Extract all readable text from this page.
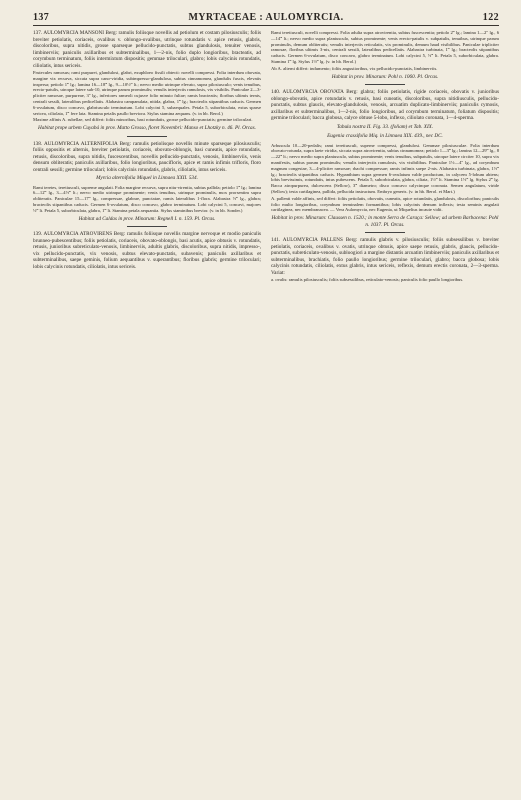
137	MYRTACEAE : AULOMYRCIA.	122

137. AULOMYRCIA MANSONI Berg: ramulis foliisque novellis ad petiolum et costam pilosiusculis; foliis breviter petiolatis, coriaceis, ovalibus v. oblongo-ovalibus, utrinque rotundatis v. apice retusis, glabris, discoloribus, supra nitidis, grosse sparseque pellucido-punctatis, subtus glandulosis, tenuiter venosis, limbinerviis; paniculis axillaribus et subterminalibus, 1—2-nis, folio duplo longioribus, bracteatis, ad corymbum terminatum, foliis intermixtum dispositis; gemmae triloculari, glabro; lobis calycinis rotundatis, ciliolatis, intus sericeis.

Frutecules ramosus; rami purpurei, glandulosi, glabri, exuphloeo fissili obtecti: novelli compressi. Folia interdum obovata, margine vix recurva, siccata supra cano-viridia, subimpresso-glandulosa, subtus cinnamomea, glandulis fuscis, elevatis inspersa; petiolo 1‴ lg.; lamina 16—18‴ lg., 9—10½‴ lt.; nervo medio utrinque elevato, supra pilosiusculo; venis tenuibus, erecto-patulis, utroque latere sub-10, utrinque parum prominulis; venulis interjectis ramulosis, vix visibilis. Paniculae 2—3-pliciter ramosae, purpureae, 3″ lg., inferiores rameoli cujusve folio minuto fultae; ramis bracteatis; floribus ultimis ternis, centrali sessili, lateralibus pedicellatis. Alabastra campanulata, nitida, glabra, 1‴ lg.; bracteolis stipantibus caducis. Germen 6-ovulatum, disco concavo, glabriusculo terminatum. Lobi calycini 5, subaequales. Petala 5, suborbiculata, extus sparse sericea, ciliolata, 1‴ fere lata. Stamina petalis paullo breviora. Stylus stamina aequans. (v. in hb. Berol.)

Maxime affinis A. rubellae, sed differt: foliis minoribus, basi rotundatis, grosse pellucido-punctatis; germine triloculari.

Habitat prope urbem Cuyabá in prov. Matto Grosso, floret Novembri: Manso et Lhotzky n. 46. Pl. Orcas.

138. AULOMYRCIA ALTERNIFOLIA Berg: ramulis petiolisque novellis minute sparseque pilosiusculis; foliis oppositis et alternis, breviter petiolatis, coriaceis, obovato-oblongis, basi cuneatis, apice rotundatis, retusis, discoloribus, supra nitidis, fuscescentibus, novellis pellucido-punctatis, venosis, limbinerviis, venis densum obliteratis; paniculis axillaribus, folio longioribus, paucifloris, apice et ramis infimis trifloris, floro centrali sessili; germine triloculari; lobis calycinis rotundatis, glabris, ciliolatis, intus sericeis.

Myrcia alternifolia Miquel in Linnaea XXII. 534.

Rami teretes, teretiusculi, supreme angulati. Folia margine recurva, supra nitu-virentia, subtus pallida; petiolo 1‴ lg.; lamina 6—12‴ lg., 3—4½‴ lt.; nervo medio utrinque prominente; venis tenuibus, utrinque prominulis, mox prorsentim supra obliteratis. Paniculae 15—17‴ lg., compressae, glabrae, punctatae, ramis lateralibus 1-flora. Alabastra ½‴ lg., glabra; bracteolis stipantibus caducis. Germen 6-ovulatum, disco concavo, glabro terminatum. Lobi calycini 5, concavi, majores ½‴ lt. Petala 5, suborbiculata, glabra, 1‴ lt. Stamina petala aequantia. Stylus staminibus brevior. (v. in hb. Sonder.)

Habitat ad Caldas in prov. Minarum: Regnell I. n. 159. Pl. Orcas.

139. AULOMYRCIA ATROVIRENS Berg: ramulis foliisque novellis margine nervoque et modio paniculis brunneo-pubescentibus; foliis petiolatis, coriaceis, obovato-oblongis, basi acutis, apice obtusis v. rotundatis, retusis, junioribus subreticulato-venosis, limbinerviis, adultis glabris, discoloribus, supra nitidis, impresso-, vix pellucido-punctatis, vix venosis, subtus elevato-punctatis, subavenis; paniculis axillaribus et subterminalibus, saepe geminis, folium aequantibus v. superantibus; floribus glabris; germine triloculari; lobis calycinis rotundatis, ciliolatis, intus sericeis.

Rami teretiusculi, novelli compressi. Folia adulta supra atrovirentia, subtus fuscescentia; petiolo 2‴ lg.; lamina 1—2″ lg., 6—14‴ lt.; nervo medio supra planiusculo, subtus prominente; venis erecto-patulis v. subpatulis, tenuibus, utrinque parum prominulis, demum obliteratis; venulis interjectis reticulatis, vix prominulis, demum haud visibilibus. Paniculae tripliciter ramosae, floribus ultimis 3-nis, centrali sessili, lateralibus pedicellatis. Alabastra turbinata, 1‴ lg.; bracteolis stipantibus caducis. Germen 6-ovulatum, disco concavo, glabro terminatum. Lobi calycini 5, ½‴ lt. Petala 5, suborbiculata, glabra. Stamina 1‴ lg. Stylus 1½‴ lg. (v. in hb. Berol.)

Ab A. alterni differt: indumento; foliis angustioribus, vix pellucido-punctatis, limbinerviis.

Habitat in prov. Minarum: Pohl n. 1060. Pl. Orcas.

140. AULOMYRCIA OBOVATA Berg: glabra; foliis petiolatis, rigide coriaceis, obovatis v. junioribus oblongo-obovatis, apice rotundatis v. retusis, basi cuneatis, discoloribus, supra nitidiusculis, pellucido-punctatis, subtus glaucis, elevato-glandulosis, venosis, arcuatim duplicato-limbinerviis; paniculis cymosis, axillaribus et subterminalibus, 1—2-nis, folio longioribus, ad corymbum terminatum, foliatum dispositis; germine triloculari; bacca globosa, calyce obtuse 5-lobo, inflexo, ciliolato coronata, 1—4-sperma.

Tabula nostra II. Fig. 33. (foliam) et Tab. XIX.

Eugenia crassifolia Miq. in Linnaea XIX. 439., nec DC.

Arbuscula 10—20-pedalis; rami teretiusculi, superne compressi, glandulosi. Gemmae pilosiusculae. Folia interdum obovato-rotunda, supra laete viridia, siccata supra atrovirentia, subtus cinnamomea; petiolo 1—3‴ lg.; lamina 12—29‴ lg., 8—22‴ lt.; nervo medio supra planiusculo, subtus prominente; venis tenuibus, subpatulis, utroque latere circiter 10, supra vix manifestis, subtus parum prominulis; venulis interjectis ramulosis, vix visibilibus. Paniculae 1½—4″ lg., ad corymbum magnum congestae, 3—4-pliciter ramosae; rhachi compressae; ramis infimis saepe 2-nis. Alabastra turbinata, glabra, 1½‴ lg.; bracteolis stipantibus caducis. Hypanthium supra germen 6-ovulatum valde productum, in calycem 5-lobum abiens; lobis brevissimis, rotundatis, intus pubescens. Petala 5, suborbiculata, glabra, ciliata, 1½‴ lt. Stamina 1½‴ lg. Stylus 2‴ lg. Bacca atropurpurea, dulcescens (Sellow), 3‴ diametro; disco concavo calycinque coronata. Semen angulatum, viride (Sellow); testa cartilaginea, pallida, pellucida instructum. Embryo generis. (v. in hb. Berol. et Mart.)

A. pallenti valde affinis, sed differt: foliis petiolatis, obovatis, cuneatis, apice rotundatis, glandulosis, discoloribus; paniculis folio multo longioribus, corymbum terminalem formantibus; lobis calycinis demum inflexis; testa seminis angulati cartilaginea, nec membranacea. — Vera Aulomyrcia, nec Eugenia, ut Miquelius incaute vidit.

Habitat in prov. Minarum: Claussen n. 1520.; in monte Serra de Caraça: Sellow; ad urbem Barbacena: Pohl n. 1037. Pl. Orcas.

141. AULOMYRCIA PALLENS Berg: ramulis glabris v. pilosiusculis; foliis subsessilibus v. breviter petiolatis, coriaceis, ovalibus v. ovatis, utrinque obtusis, apice saepe retusis, glabris, glaucis, pellucido-punctatis, subreticulato-venosis, subloogiori a margine distantis arcuatim limbinerviis; paniculis axillaribus et subterminalibus, brachiatis, folio paullo longioribus; germine triloculari, glabro; bacca globosa; lobis calycinis rotundatis, ciliolatis, extus glabris, intus sericeis, reflexis, demum erectis coronata, 2—3-sperma. Variat:

a. ovalis: ramulis pilosiusculis; foliis subsessilibus, reticulato-venosis; paniculis folio paullo longioribus.
